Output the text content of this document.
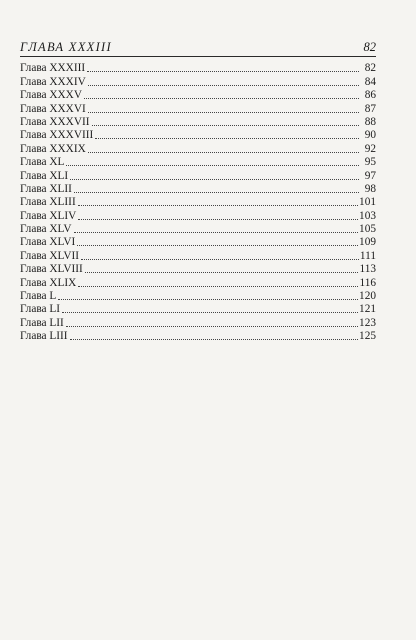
ГЛАВА XXXIII	82
Глава XXXIII	82
Глава XXXIV	84
Глава XXXV	86
Глава XXXVI	87
Глава XXXVII	88
Глава XXXVIII	90
Глава XXXIX	92
Глава XL	95
Глава XLI	97
Глава XLII	98
Глава XLIII	101
Глава XLIV	103
Глава XLV	105
Глава XLVI	109
Глава XLVII	111
Глава XLVIII	113
Глава XLIX	116
Глава L	120
Глава LI	121
Глава LII	123
Глава LIII	125
